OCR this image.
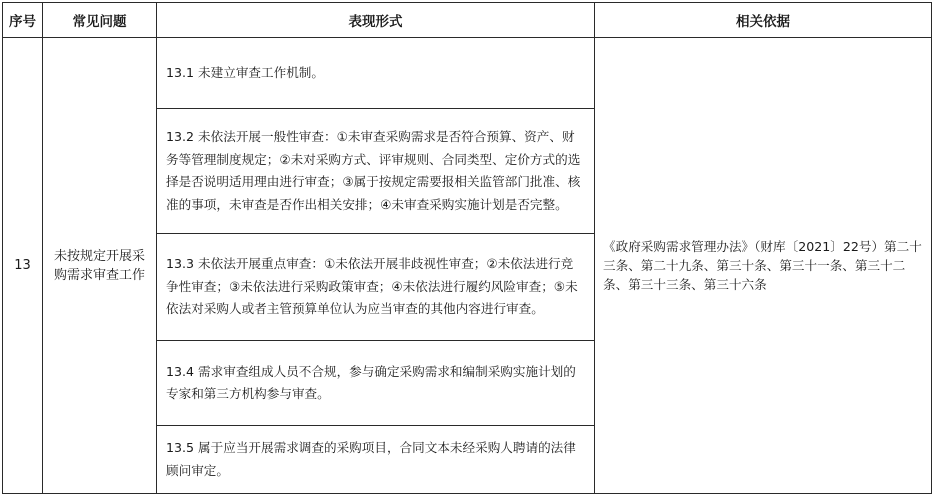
序号	常见问题	表现形式	相关依据
13	未按规定开展采购需求审查工作	13.1 未建立审查工作机制。	《政府采购需求管理办法》（财库〔2021〕22号）第二十三条、第二十九条、第三十条、第三十一条、第三十二条、第三十三条、第三十六条
		13.2 未依法开展一般性审查：①未审查采购需求是否符合预算、资产、财务等管理制度规定；②未对采购方式、评审规则、合同类型、定价方式的选择是否说明适用理由进行审查；③属于按规定需要报相关监管部门批准、核准的事项，未审查是否作出相关安排；④未审查采购实施计划是否完整。	
		13.3 未依法开展重点审查：①未依法开展非歧视性审查；②未依法进行竞争性审查；③未依法进行采购政策审查；④未依法进行履约风险审查；⑤未依法对采购人或者主管预算单位认为应当审查的其他内容进行审查。	
		13.4 需求审查组成人员不合规，参与确定采购需求和编制采购实施计划的专家和第三方机构参与审查。	
		13.5 属于应当开展需求调查的采购项目，合同文本未经采购人聘请的法律顾问审定。	
